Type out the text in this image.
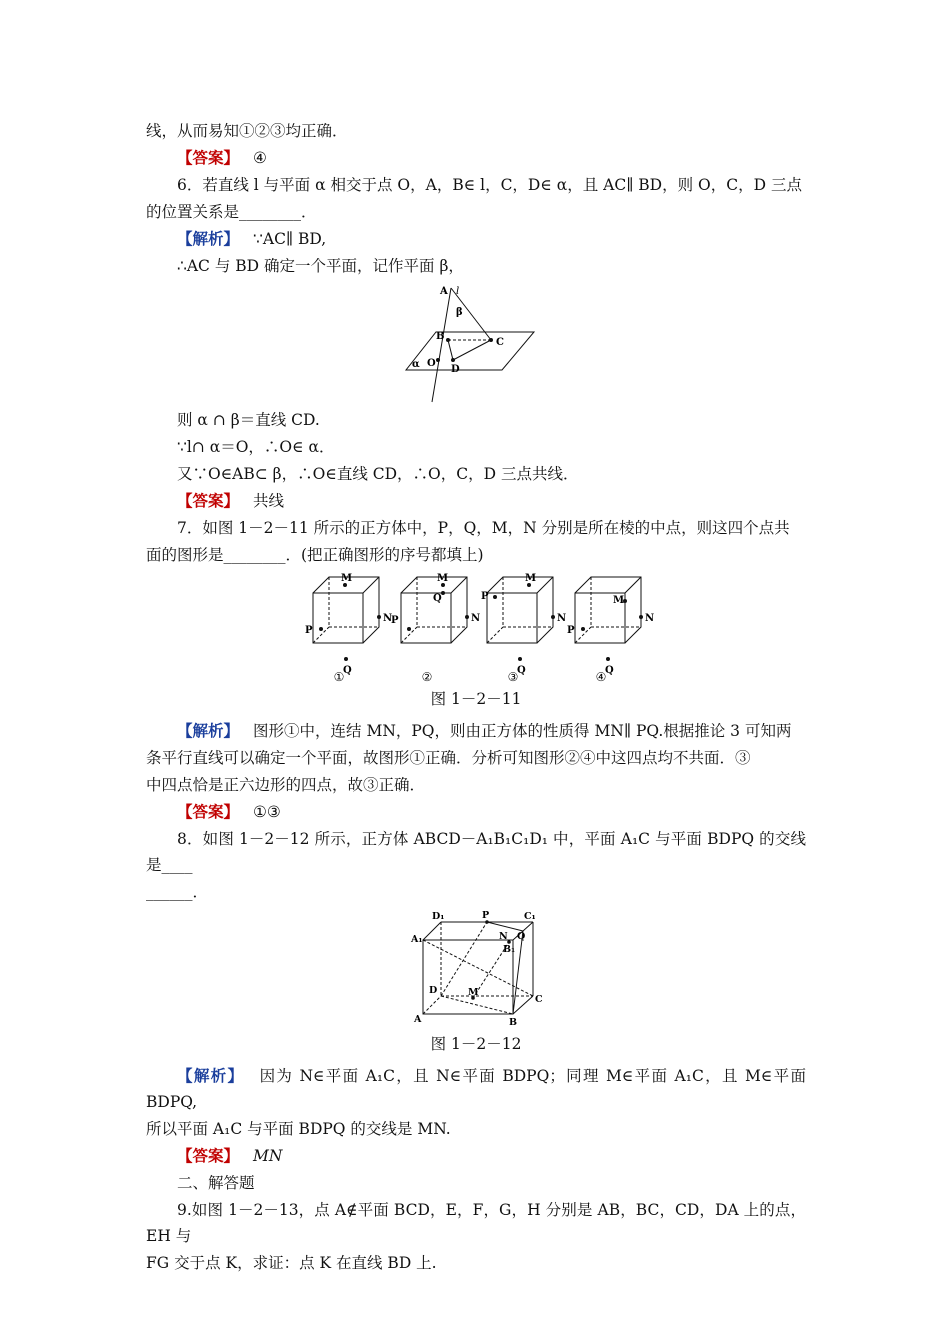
线，从而易知①②③均正确．

【答案】 ④

6．若直线 l 与平面 α 相交于点 O，A，B∈ l，C，D∈ α，且 AC∥ BD，则 O，C，D 三点

的位置关系是________．

【解析】 ∵AC∥ BD,

∴AC 与 BD 确定一个平面，记作平面 β，

A l
β
B
C
α O
D

则 α ∩ β＝直线 CD.

∵l∩ α＝O，∴O∈ α．

又∵O∈AB⊂ β，∴O∈直线 CD，∴O，C，D 三点共线．

【答案】 共线

7．如图 1－2－11 所示的正方体中，P，Q，M，N 分别是所在棱的中点，则这四个点共

面的图形是________．(把正确图形的序号都填上)

M
N
P
Q
①
M
N
P
Q
②
M
N
P
Q
③
M
N
P
Q
④

图 1－2－11

【解析】 图形①中，连结 MN，PQ，则由正方体的性质得 MN∥ PQ.根据推论 3 可知两

条平行直线可以确定一个平面，故图形①正确．分析可知图形②④中这四点均不共面．③

中四点恰是正六边形的四点，故③正确．

【答案】 ①③

8．如图 1－2－12 所示，正方体 ABCD－A₁B₁C₁D₁ 中，平面 A₁C 与平面 BDPQ 的交线是____

______．

D₁	P	C₁
A₁	N Q
B₁
D	M
C
A	B

图 1－2－12

【解析】 因为 N∈平面 A₁C，且 N∈平面 BDPQ；同理 M∈平面 A₁C，且 M∈平面 BDPQ,

所以平面 A₁C 与平面 BDPQ 的交线是 MN.

【答案】 MN

二、解答题

9.如图 1－2－13，点 A∉平面 BCD，E，F，G，H 分别是 AB，BC，CD，DA 上的点，EH 与

FG 交于点 K，求证：点 K 在直线 BD 上.
